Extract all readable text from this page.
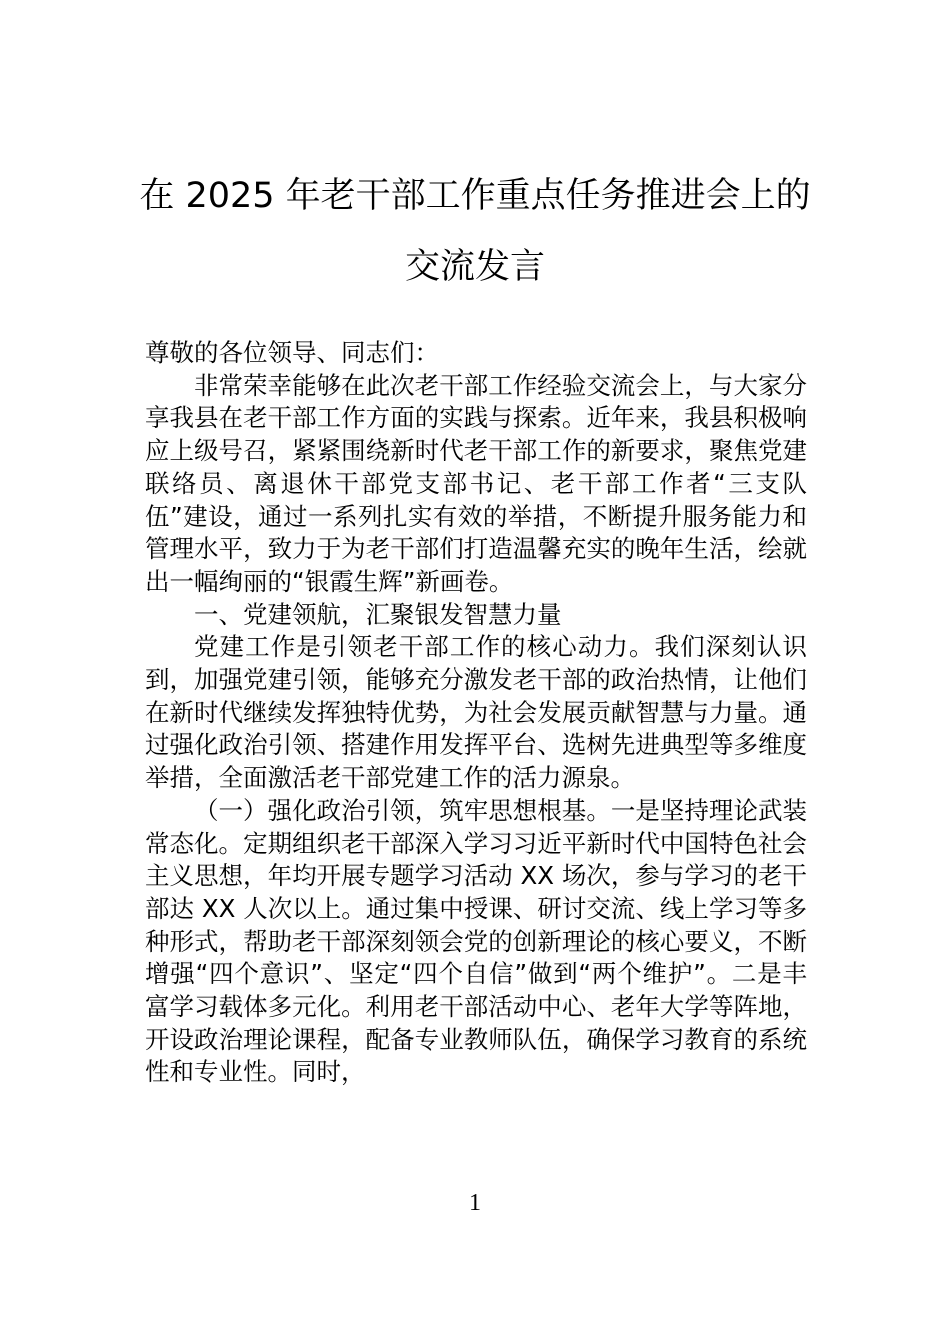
在 2025 年老干部工作重点任务推进会上的
交流发言

尊敬的各位领导、同志们：

非常荣幸能够在此次老干部工作经验交流会上，与大家分享我县在老干部工作方面的实践与探索。近年来，我县积极响应上级号召，紧紧围绕新时代老干部工作的新要求，聚焦党建联络员、离退休干部党支部书记、老干部工作者“三支队伍”建设，通过一系列扎实有效的举措，不断提升服务能力和管理水平，致力于为老干部们打造温馨充实的晚年生活，绘就出一幅绚丽的“银霞生辉”新画卷。

一、党建领航，汇聚银发智慧力量

党建工作是引领老干部工作的核心动力。我们深刻认识到，加强党建引领，能够充分激发老干部的政治热情，让他们在新时代继续发挥独特优势，为社会发展贡献智慧与力量。通过强化政治引领、搭建作用发挥平台、选树先进典型等多维度举措，全面激活老干部党建工作的活力源泉。

（一）强化政治引领，筑牢思想根基。一是坚持理论武装常态化。定期组织老干部深入学习习近平新时代中国特色社会主义思想，年均开展专题学习活动 XX 场次，参与学习的老干部达 XX 人次以上。通过集中授课、研讨交流、线上学习等多种形式，帮助老干部深刻领会党的创新理论的核心要义，不断增强“四个意识”、坚定“四个自信”做到“两个维护”。二是丰富学习载体多元化。利用老干部活动中心、老年大学等阵地，开设政治理论课程，配备专业教师队伍，确保学习教育的系统性和专业性。同时，

1
